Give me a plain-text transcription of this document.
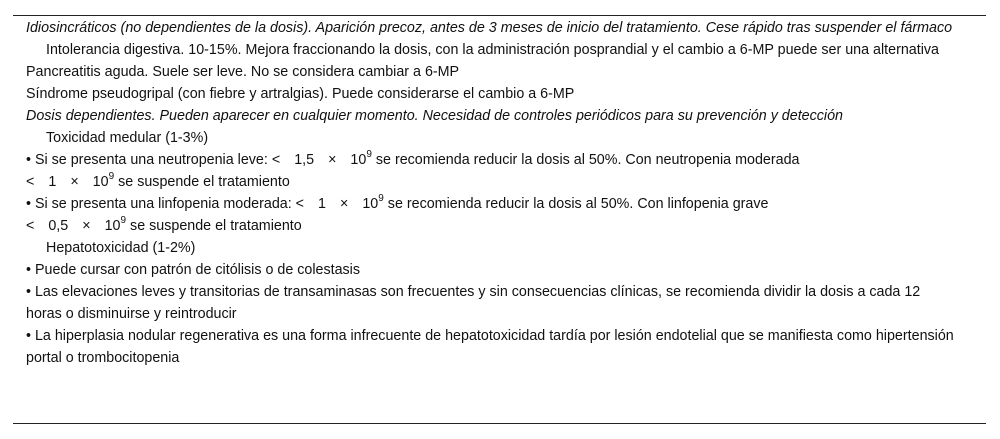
Idiosincráticos (no dependientes de la dosis). Aparición precoz, antes de 3 meses de inicio del tratamiento. Cese rápido tras suspender el fármaco

Intolerancia digestiva. 10-15%. Mejora fraccionando la dosis, con la administración posprandial y el cambio a 6-MP puede ser una alternativa

Pancreatitis aguda. Suele ser leve. No se considera cambiar a 6-MP

Síndrome pseudogripal (con fiebre y artralgias). Puede considerarse el cambio a 6-MP

Dosis dependientes. Pueden aparecer en cualquier momento. Necesidad de controles periódicos para su prevención y detección

Toxicidad medular (1-3%)

• Si se presenta una neutropenia leve: < $1,5 \times 10^9$ se recomienda reducir la dosis al 50%. Con neutropenia moderada
< $1 \times 10^9$ se suspende el tratamiento

• Si se presenta una linfopenia moderada: < $1 \times 10^9$ se recomienda reducir la dosis al 50%. Con linfopenia grave
< $0,5 \times 10^9$ se suspende el tratamiento

Hepatotoxicidad (1-2%)

• Puede cursar con patrón de citólisis o de colestasis

• Las elevaciones leves y transitorias de transaminasas son frecuentes y sin consecuencias clínicas, se recomienda dividir la dosis a cada 12horas o disminuirse y reintroducir

• La hiperplasia nodular regenerativa es una forma infrecuente de hepatotoxicidad tardía por lesión endotelial que se manifiesta como hipertensión portal o trombocitopenia
